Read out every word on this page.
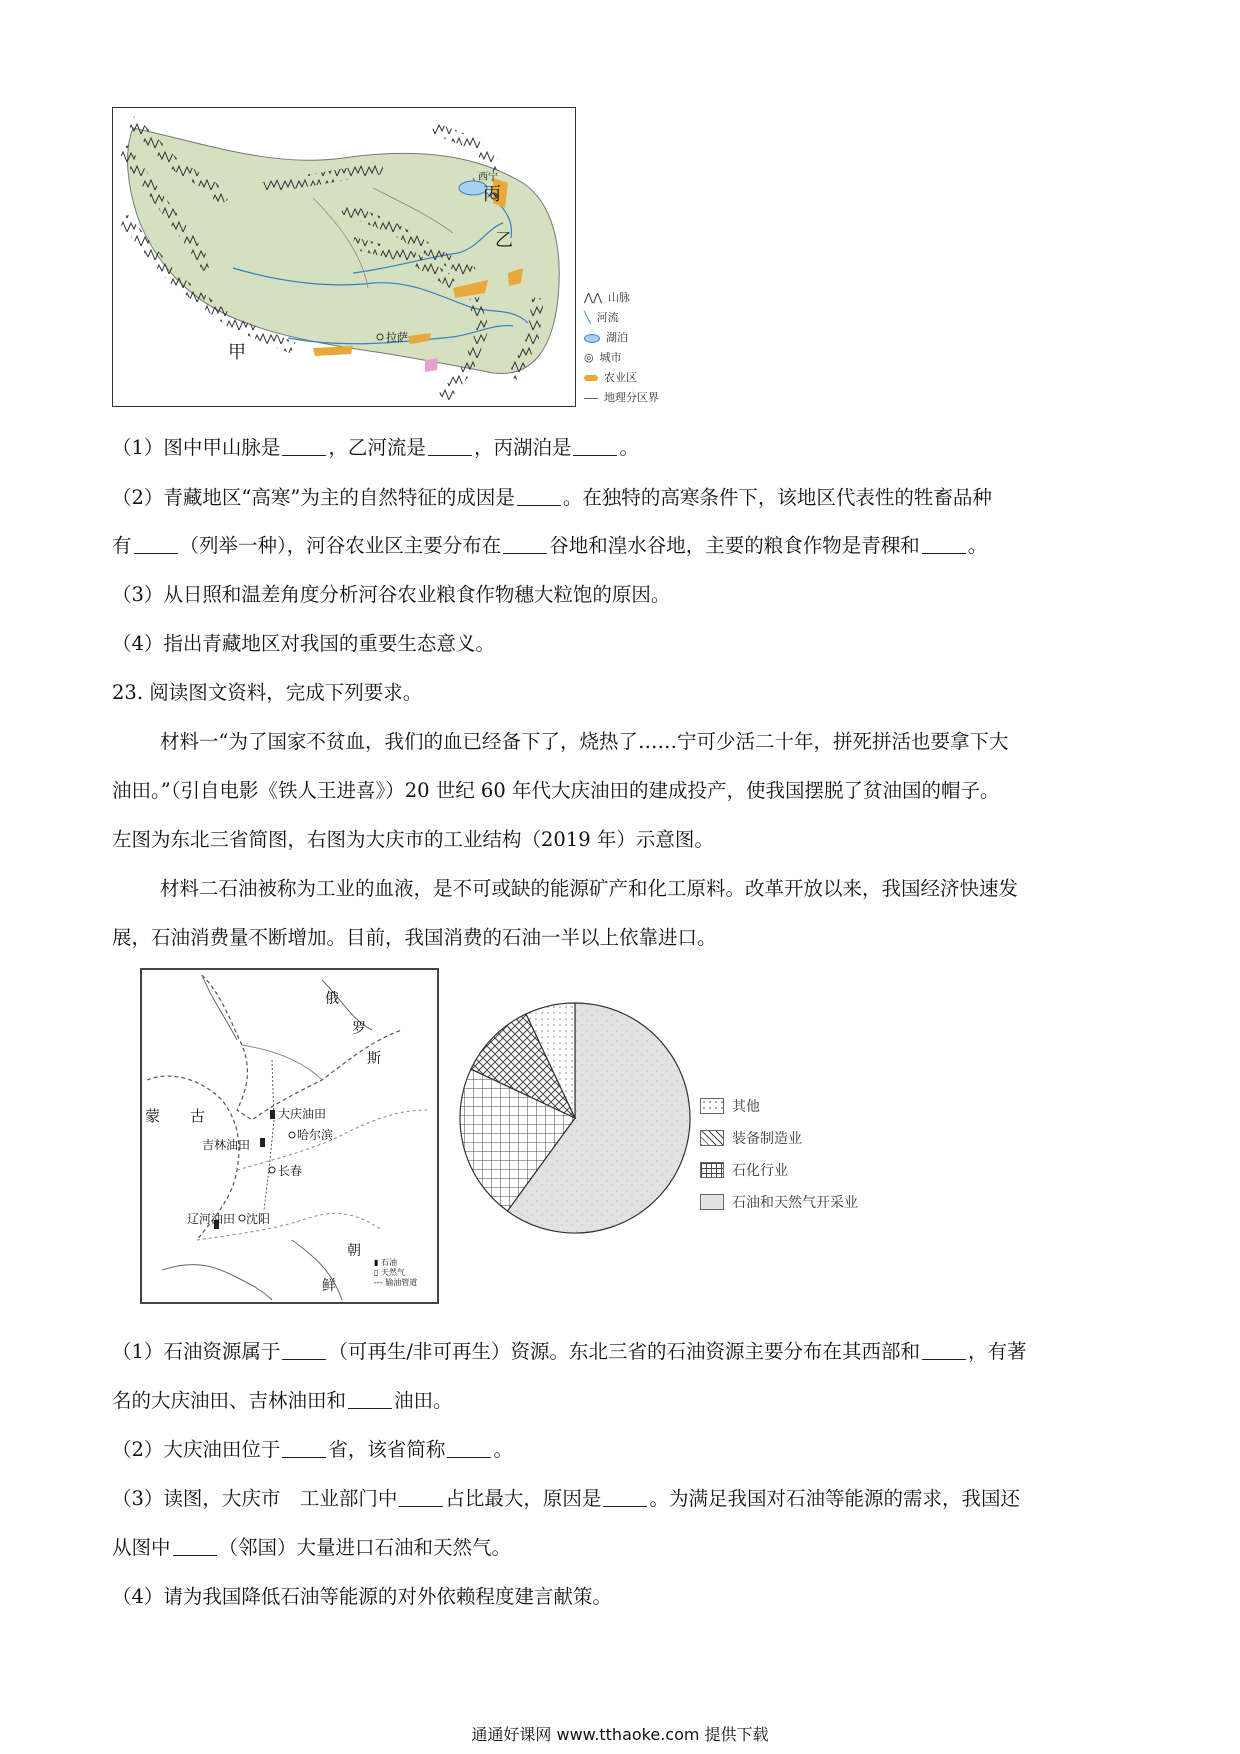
丙
乙
甲
拉萨
西宁
⋀⋀ 山脉
╲ 河流
湖泊
◎ 城市
农业区
地理分区界
（1）图中甲山脉是 ，乙河流是 ，丙湖泊是 。
（2）青藏地区“高寒”为主的自然特征的成因是 。在独特的高寒条件下，该地区代表性的牲畜品种
有 （列举一种），河谷农业区主要分布在 谷地和湟水谷地，主要的粮食作物是青稞和 。
（3）从日照和温差角度分析河谷农业粮食作物穗大粒饱的原因。
（4）指出青藏地区对我国的重要生态意义。
23. 阅读图文资料，完成下列要求。
材料一“为了国家不贫血，我们的血已经备下了，烧热了……宁可少活二十年，拼死拼活也要拿下大
油田。”（引自电影《铁人王进喜》）20 世纪 60 年代大庆油田的建成投产，使我国摆脱了贫油国的帽子。
左图为东北三省简图，右图为大庆市的工业结构（2019 年）示意图。
材料二石油被称为工业的血液，是不可或缺的能源矿产和化工原料。改革开放以来，我国经济快速发
展，石油消费量不断增加。目前，我国消费的石油一半以上依靠进口。
俄
罗
斯
蒙 古	大庆油田
哈尔滨
吉林油田
长春
辽河油田 沈阳
朝
鲜
▮ 石油
▯ 天然气
--- 输油管道
其他
装备制造业
石化行业
石油和天然气开采业
（1）石油资源属于 （可再生/非可再生）资源。东北三省的石油资源主要分布在其西部和 ，有著
名的大庆油田、吉林油田和 油田。
（2）大庆油田位于 省，该省简称 。
（3）读图，大庆市　工业部门中 占比最大，原因是 。为满足我国对石油等能源的需求，我国还
从图中 （邻国）大量进口石油和天然气。
（4）请为我国降低石油等能源的对外依赖程度建言献策。
通通好课网 www.tthaoke.com 提供下载
